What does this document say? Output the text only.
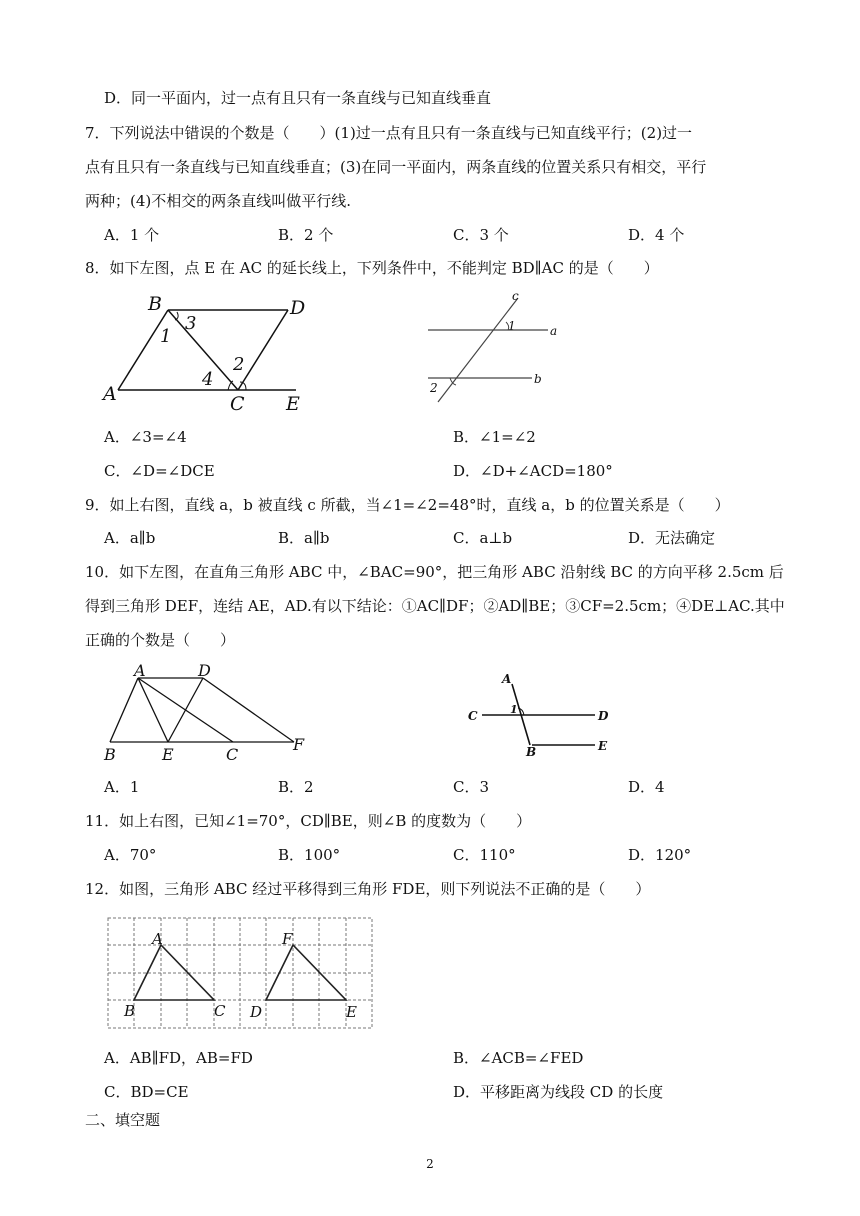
D．同一平面内，过一点有且只有一条直线与已知直线垂直
7．下列说法中错误的个数是（　　）(1)过一点有且只有一条直线与已知直线平行；(2)过一
点有且只有一条直线与已知直线垂直；(3)在同一平面内，两条直线的位置关系只有相交，平行
两种；(4)不相交的两条直线叫做平行线.
A．1 个	B．2 个	C．3 个	D．4 个
8．如下左图，点 E 在 AC 的延长线上，下列条件中，不能判定 BD∥AC 的是（　　）
B	D
A	C E
1
2
3
4
a
b
c
1
2
A．∠3=∠4	B．∠1=∠2
C．∠D=∠DCE	D．∠D+∠ACD=180°
9．如上右图，直线 a，b 被直线 c 所截，当∠1=∠2=48°时，直线 a，b 的位置关系是（　　）
A．a∥b	B．a∥b	C．a⊥b	D．无法确定
10．如下左图，在直角三角形 ABC 中，∠BAC=90°，把三角形 ABC 沿射线 BC 的方向平移 2.5cm 后
得到三角形 DEF，连结 AE，AD.有以下结论：①AC∥DF；②AD∥BE；③CF=2.5cm；④DE⊥AC.其中
正确的个数是（　　）
A	D
B	E	C
F
A
C	D
B	E
1
A．1	B．2	C．3	D．4
11．如上右图，已知∠1=70°，CD∥BE，则∠B 的度数为（　　）
A．70°	B．100°	C．110°	D．120°
12．如图，三角形 ABC 经过平移得到三角形 FDE，则下列说法不正确的是（　　）
A	F
B	C D	E
A．AB∥FD，AB=FD	B．∠ACB=∠FED
C．BD=CE	D．平移距离为线段 CD 的长度
二、填空题
2
